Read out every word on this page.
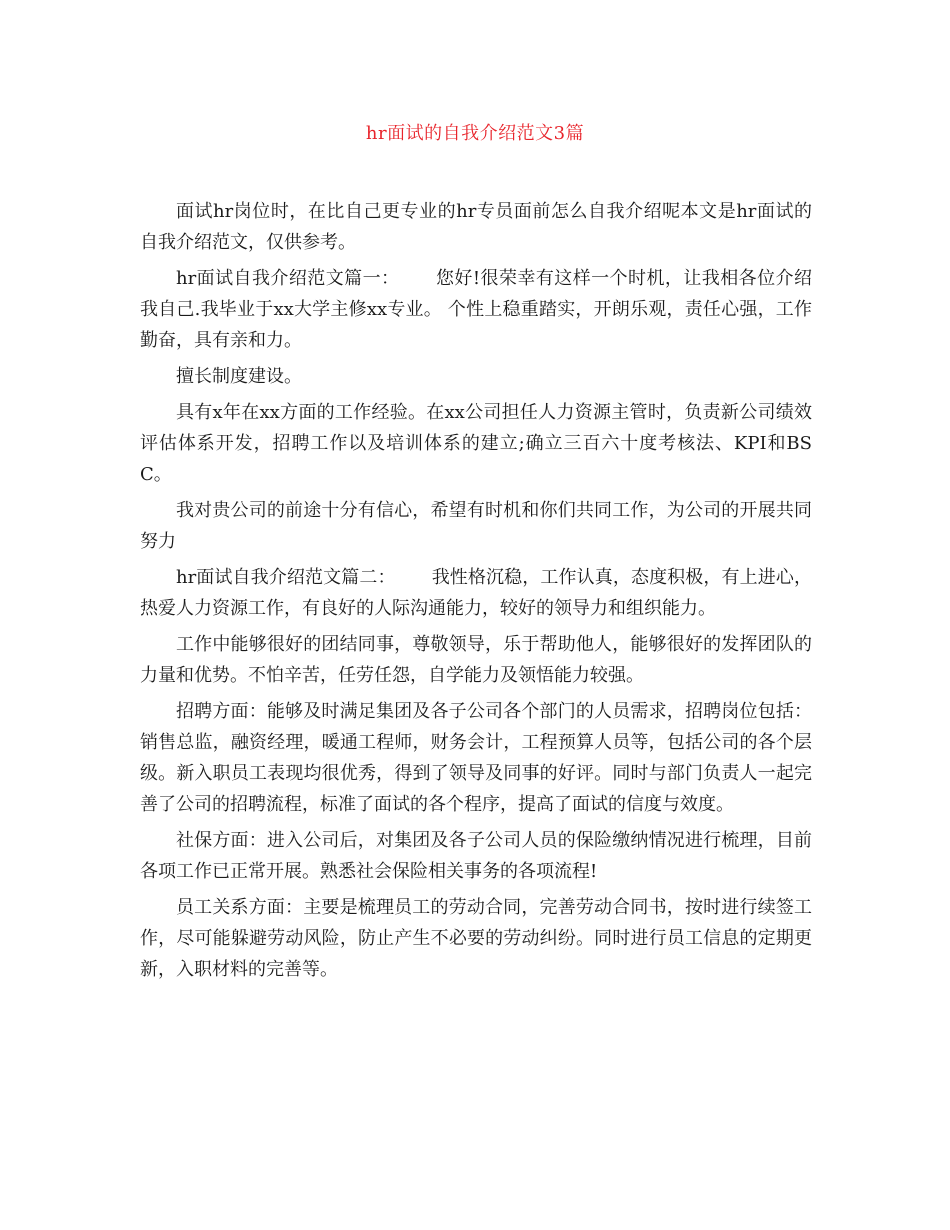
hr面试的自我介绍范文3篇

面试hr岗位时，在比自己更专业的hr专员面前怎么自我介绍呢本文是hr面试的自我介绍范文，仅供参考。

hr面试自我介绍范文篇一： 您好!很荣幸有这样一个时机，让我相各位介绍我自己.我毕业于xx大学主修xx专业。 个性上稳重踏实，开朗乐观，责任心强，工作勤奋，具有亲和力。

擅长制度建设。

具有x年在xx方面的工作经验。在xx公司担任人力资源主管时，负责新公司绩效评估体系开发，招聘工作以及培训体系的建立;确立三百六十度考核法、KPI和BSC。

我对贵公司的前途十分有信心，希望有时机和你们共同工作，为公司的开展共同努力

hr面试自我介绍范文篇二： 我性格沉稳，工作认真，态度积极，有上进心，热爱人力资源工作，有良好的人际沟通能力，较好的领导力和组织能力。

工作中能够很好的团结同事，尊敬领导，乐于帮助他人，能够很好的发挥团队的力量和优势。不怕辛苦，任劳任怨，自学能力及领悟能力较强。

招聘方面：能够及时满足集团及各子公司各个部门的人员需求，招聘岗位包括：销售总监，融资经理，暖通工程师，财务会计，工程预算人员等，包括公司的各个层级。新入职员工表现均很优秀，得到了领导及同事的好评。同时与部门负责人一起完善了公司的招聘流程，标准了面试的各个程序，提高了面试的信度与效度。

社保方面：进入公司后，对集团及各子公司人员的保险缴纳情况进行梳理，目前各项工作已正常开展。熟悉社会保险相关事务的各项流程!

员工关系方面：主要是梳理员工的劳动合同，完善劳动合同书，按时进行续签工作，尽可能躲避劳动风险，防止产生不必要的劳动纠纷。同时进行员工信息的定期更新，入职材料的完善等。
